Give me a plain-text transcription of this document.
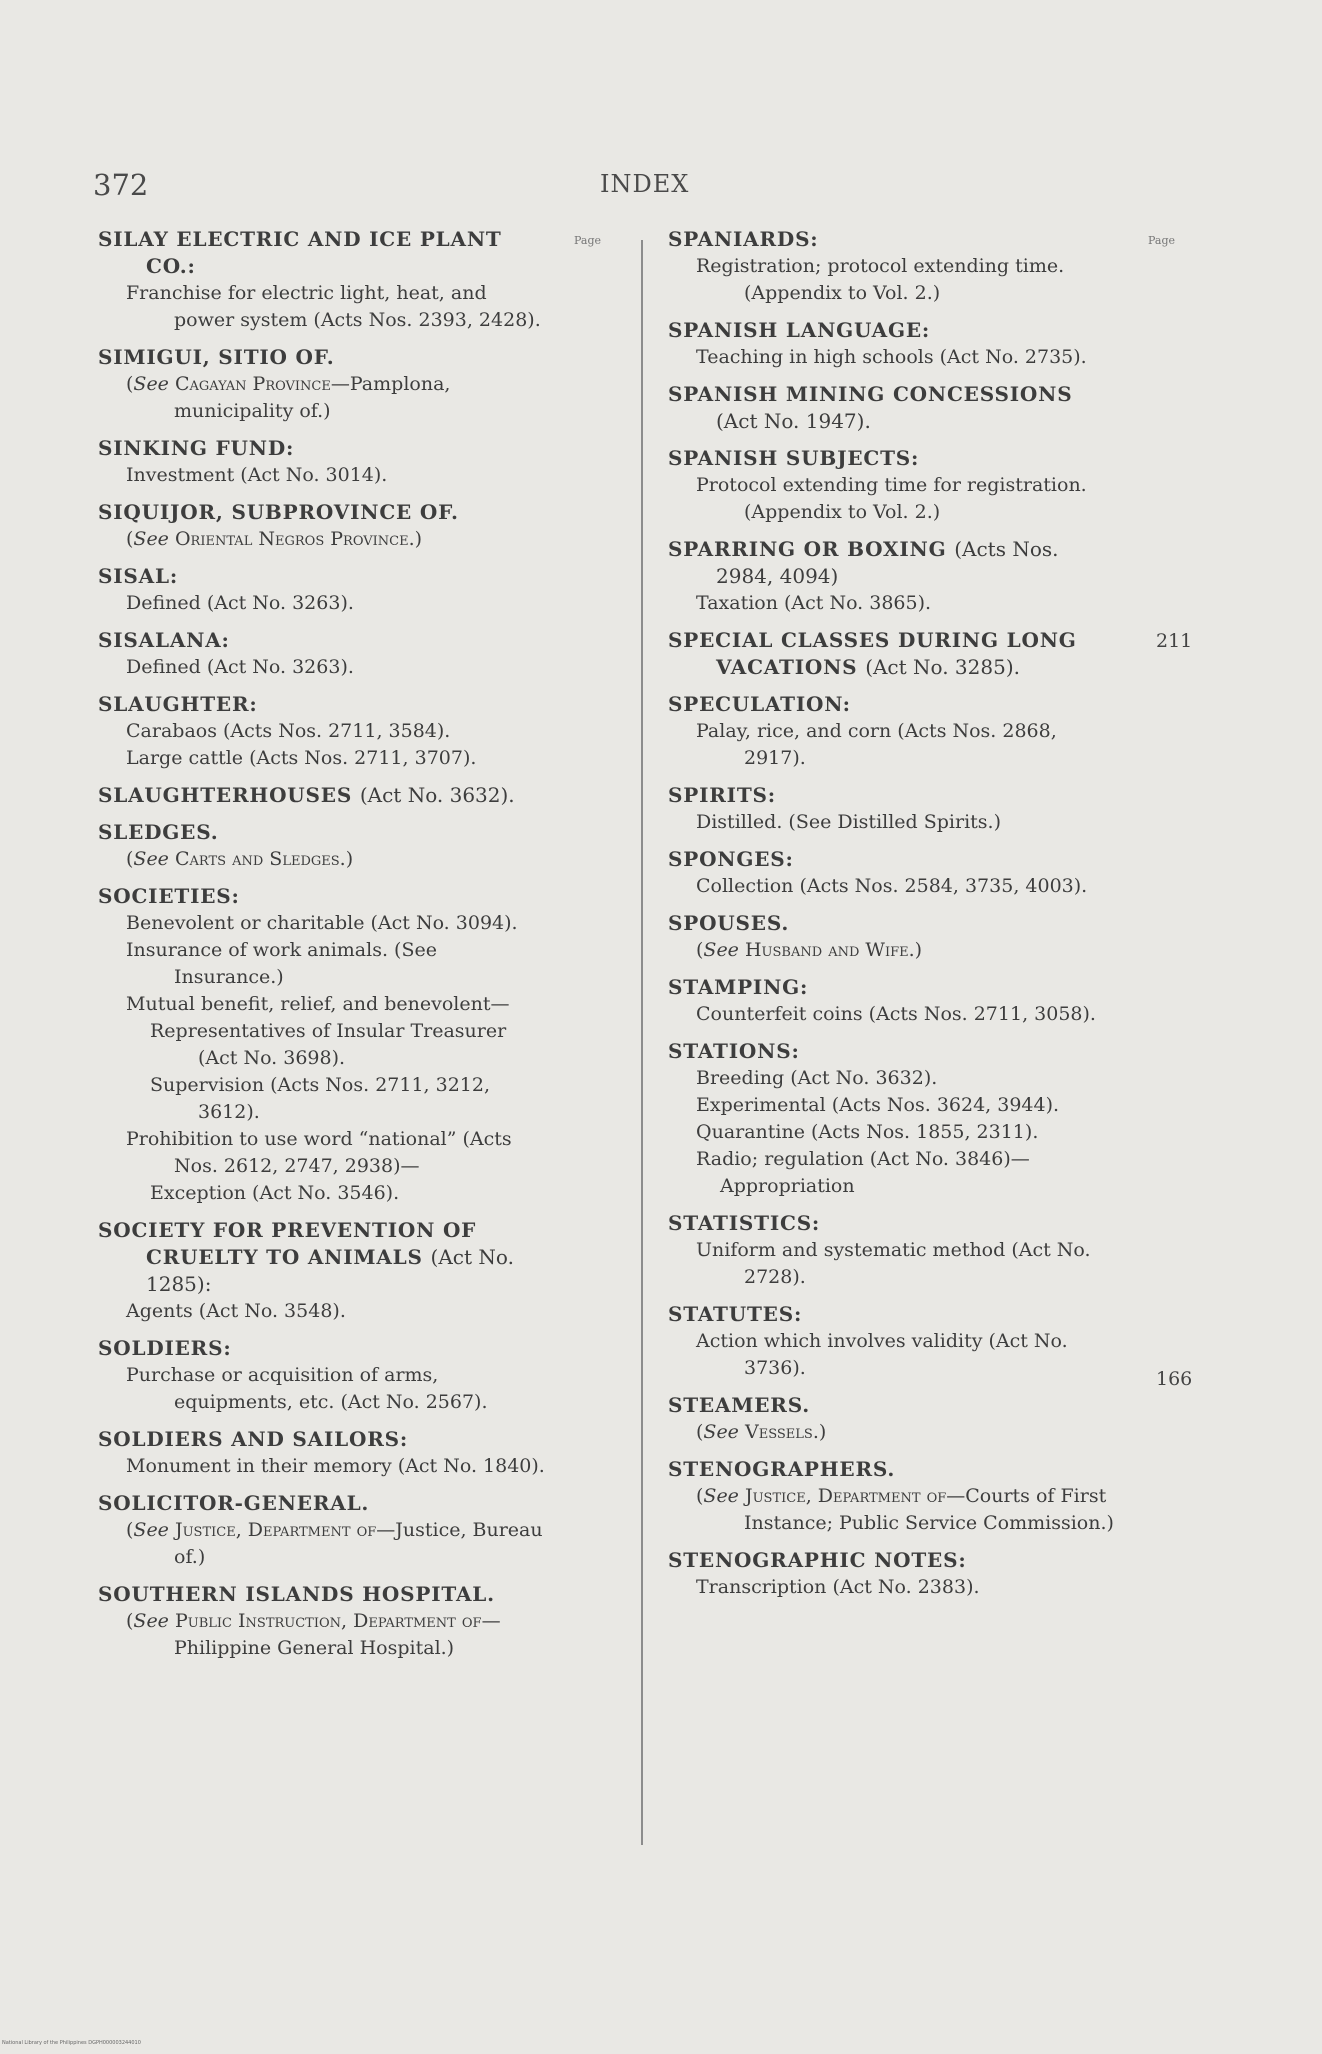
372	INDEX
Page	Page
SILAY ELECTRIC AND ICE PLANT CO.:
Franchise for electric light, heat, and power system (Acts Nos. 2393, 2428).
SIMIGUI, SITIO OF.
(See Cagayan Province—Pamplona, municipality of.)
SINKING FUND:
Investment (Act No. 3014).
SIQUIJOR, SUBPROVINCE OF.
(See Oriental Negros Province.)
SISAL:
Defined (Act No. 3263).
SISALANA:
Defined (Act No. 3263).
SLAUGHTER:
Carabaos (Acts Nos. 2711, 3584).
Large cattle (Acts Nos. 2711, 3707).
SLAUGHTERHOUSES (Act No. 3632).
SLEDGES.
(See Carts and Sledges.)
SOCIETIES:
Benevolent or charitable (Act No. 3094).
Insurance of work animals. (See Insurance.)
Mutual benefit, relief, and benevolent—
Representatives of Insular Treasurer (Act No. 3698).
Supervision (Acts Nos. 2711, 3212, 3612).
Prohibition to use word “national” (Acts Nos. 2612, 2747, 2938)—
Exception (Act No. 3546).
SOCIETY FOR PREVENTION OF CRUELTY TO ANIMALS (Act No. 1285):
Agents (Act No. 3548).
SOLDIERS:
Purchase or acquisition of arms, equipments, etc. (Act No. 2567).
SOLDIERS AND SAILORS:
Monument in their memory (Act No. 1840).
SOLICITOR-GENERAL.
(See Justice, Department of—Justice, Bureau of.)
SOUTHERN ISLANDS HOSPITAL.
(See Public Instruction, Department of—Philippine General Hospital.)
SPANIARDS:
Registration; protocol extending time. (Appendix to Vol. 2.)
SPANISH LANGUAGE:
Teaching in high schools (Act No. 2735).
SPANISH MINING CONCESSIONS (Act No. 1947).
SPANISH SUBJECTS:
Protocol extending time for registration. (Appendix to Vol. 2.)
SPARRING OR BOXING (Acts Nos. 2984, 4094)
Taxation (Act No. 3865).
SPECIAL CLASSES DURING LONG VACATIONS (Act No. 3285).
SPECULATION:
Palay, rice, and corn (Acts Nos. 2868, 2917).
SPIRITS:
Distilled. (See Distilled Spirits.)
SPONGES:
Collection (Acts Nos. 2584, 3735, 4003).
SPOUSES.
(See Husband and Wife.)
STAMPING:
Counterfeit coins (Acts Nos. 2711, 3058).
STATIONS:
Breeding (Act No. 3632).
Experimental (Acts Nos. 3624, 3944).
Quarantine (Acts Nos. 1855, 2311).
Radio; regulation (Act No. 3846)—
Appropriation
STATISTICS:
Uniform and systematic method (Act No. 2728).
STATUTES:
Action which involves validity (Act No. 3736).
STEAMERS.
(See Vessels.)
STENOGRAPHERS.
(See Justice, Department of—Courts of First Instance; Public Service Commission.)
STENOGRAPHIC NOTES:
Transcription (Act No. 2383).
211
166
National Library of the Philippines DGPH000003244010
